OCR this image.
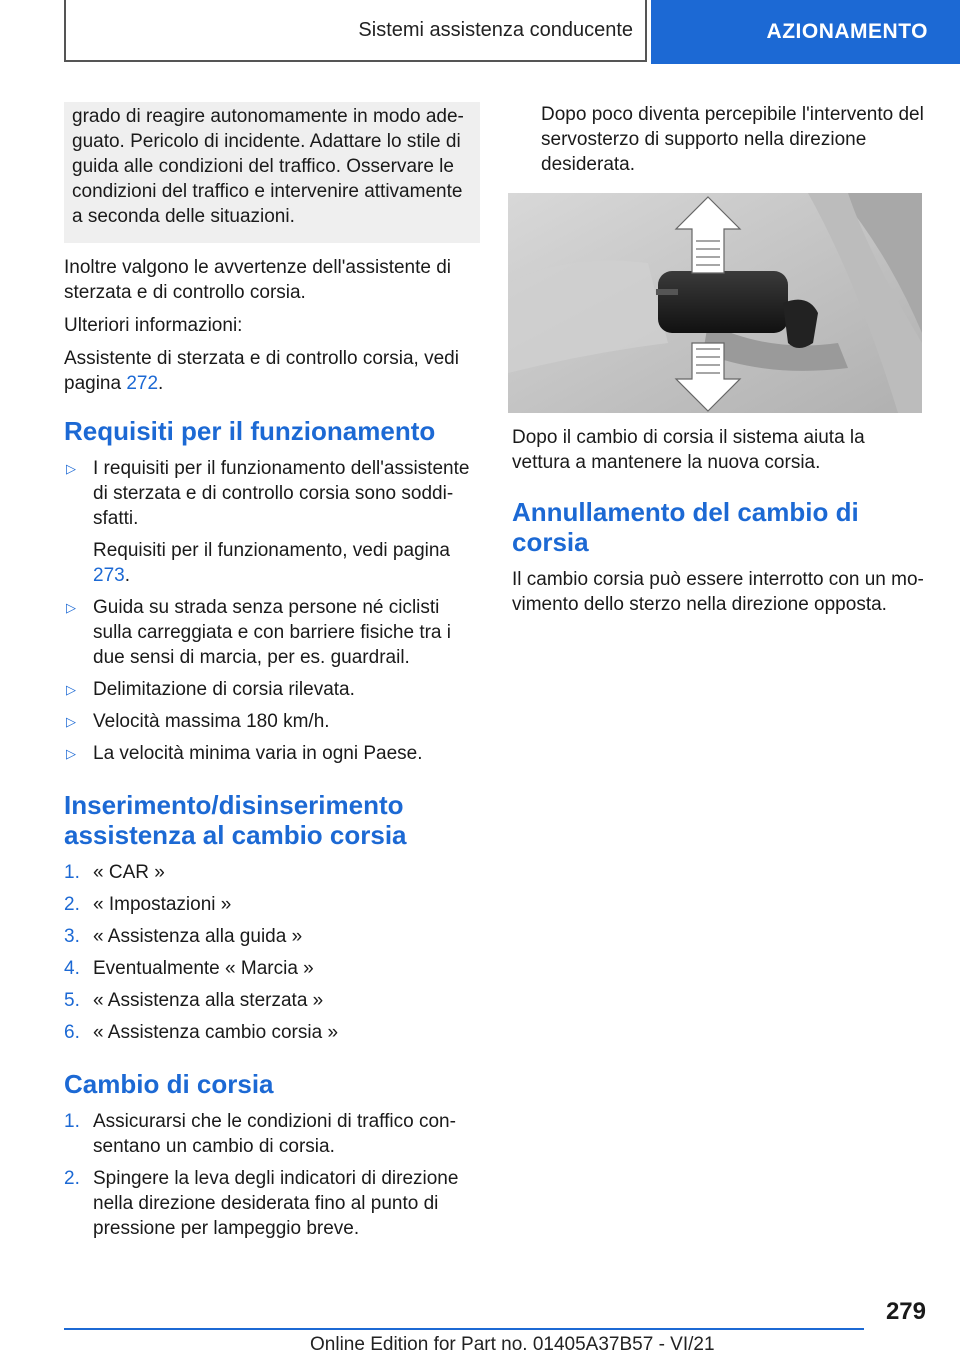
Sistemi assistenza conducente	AZIONAMENTO
grado di reagire autonomamente in modo adeguato. Pericolo di incidente. Adattare lo stile di guida alle condizioni del traffico. Osservare le condizioni del traffico e intervenire attivamente a seconda delle situazioni.

Inoltre valgono le avvertenze dell'assistente di sterzata e di controllo corsia.

Ulteriori informazioni:

Assistente di sterzata e di controllo corsia, vedi pagina 272.

Requisiti per il funzionamento
▷ I requisiti per il funzionamento dell'assistente di sterzata e di controllo corsia sono soddisfatti.
Requisiti per il funzionamento, vedi pagina 273.
▷ Guida su strada senza persone né ciclisti sulla carreggiata e con barriere fisiche tra i due sensi di marcia, per es. guardrail.
▷ Delimitazione di corsia rilevata.
▷ Velocità massima 180 km/h.
▷ La velocità minima varia in ogni Paese.
Inserimento/disinserimento assistenza al cambio corsia
1. « CAR »
2. « Impostazioni »
3. « Assistenza alla guida »
4. Eventualmente « Marcia »
5. « Assistenza alla sterzata »
6. « Assistenza cambio corsia »
Cambio di corsia
1. Assicurarsi che le condizioni di traffico consentano un cambio di corsia.
2. Spingere la leva degli indicatori di direzione nella direzione desiderata fino al punto di pressione per lampeggio breve.

Dopo poco diventa percepibile l'intervento del servosterzo di supporto nella direzione desiderata.

Dopo il cambio di corsia il sistema aiuta la vettura a mantenere la nuova corsia.

Annullamento del cambio di corsia

Il cambio corsia può essere interrotto con un movimento dello sterzo nella direzione opposta.

279
Online Edition for Part no. 01405A37B57 - VI/21
